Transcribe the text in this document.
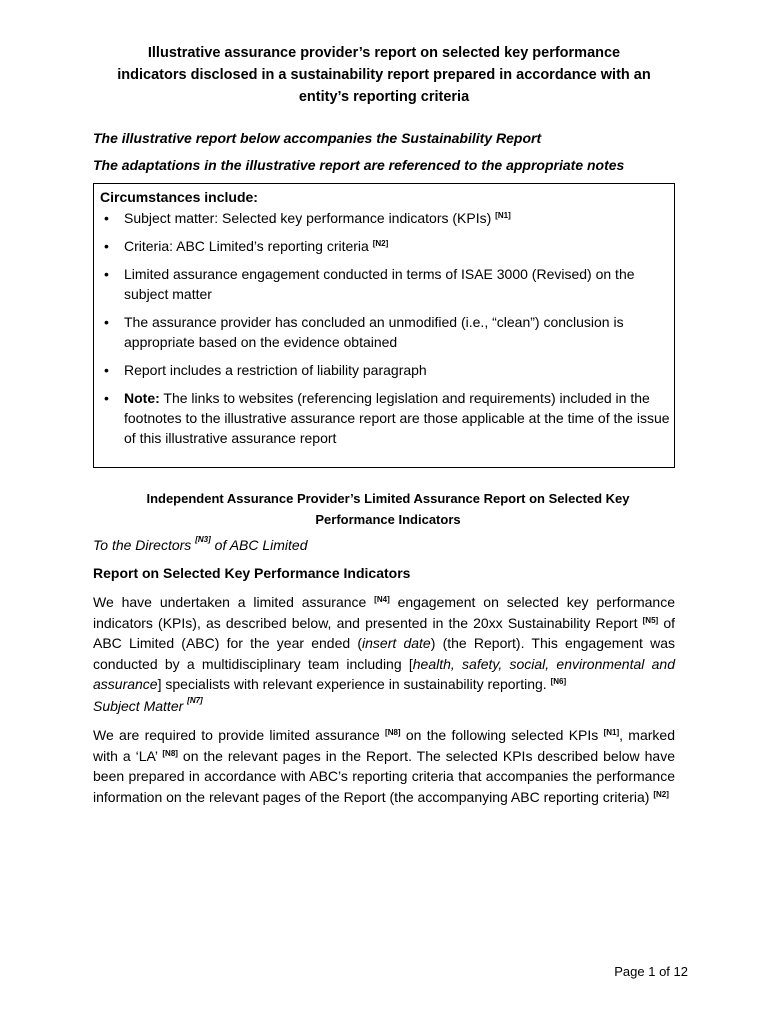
Illustrative assurance provider’s report on selected key performance
indicators disclosed in a sustainability report prepared in accordance with an
entity’s reporting criteria
The illustrative report below accompanies the Sustainability Report
The adaptations in the illustrative report are referenced to the appropriate notes
Circumstances include:
• Subject matter: Selected key performance indicators (KPIs) [N1]
• Criteria: ABC Limited’s reporting criteria [N2]
• Limited assurance engagement conducted in terms of ISAE 3000 (Revised) on the subject matter
• The assurance provider has concluded an unmodified (i.e., “clean”) conclusion is appropriate based on the evidence obtained
• Report includes a restriction of liability paragraph
• Note: The links to websites (referencing legislation and requirements) included in the footnotes to the illustrative assurance report are those applicable at the time of the issue of this illustrative assurance report
Independent Assurance Provider’s Limited Assurance Report on Selected Key
Performance Indicators
To the Directors [N3] of ABC Limited
Report on Selected Key Performance Indicators
We have undertaken a limited assurance [N4] engagement on selected key performance indicators (KPIs), as described below, and presented in the 20xx Sustainability Report [N5] of ABC Limited (ABC) for the year ended (insert date) (the Report). This engagement was conducted by a multidisciplinary team including [health, safety, social, environmental and assurance] specialists with relevant experience in sustainability reporting. [N6]
Subject Matter [N7]
We are required to provide limited assurance [N8] on the following selected KPIs [N1], marked with a ‘LA’ [N8] on the relevant pages in the Report. The selected KPIs described below have been prepared in accordance with ABC’s reporting criteria that accompanies the performance information on the relevant pages of the Report (the accompanying ABC reporting criteria) [N2]
Page 1 of 12
